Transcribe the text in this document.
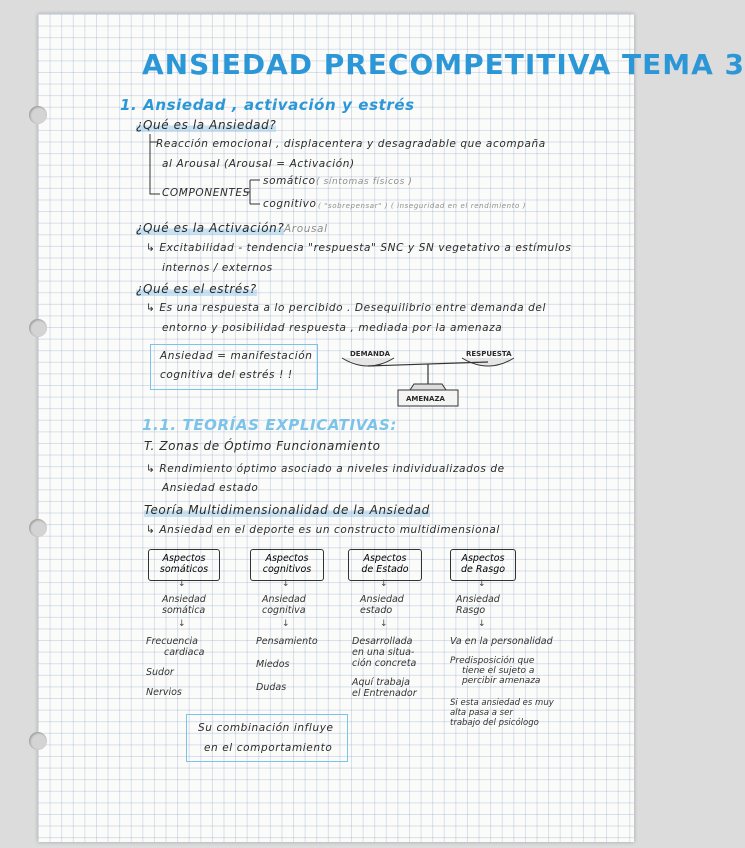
ANSIEDAD PRECOMPETITIVA TEMA 3
1. Ansiedad , activación y estrés
¿Qué es la Ansiedad?
Reacción emocional , displacentera y desagradable que acompaña
al Arousal (Arousal = Activación)
COMPONENTES
somático ( síntomas físicos )
cognitivo ( "sobrepensar" ) ( inseguridad en el rendimiento )
¿Qué es la Activación? Arousal
↳ Excitabilidad - tendencia "respuesta" SNC y SN vegetativo a estímulos
internos / externos
¿Qué es el estrés?
↳ Es una respuesta a lo percibido . Desequilibrio entre demanda del
entorno y posibilidad respuesta , mediada por la amenaza
Ansiedad = manifestación
cognitiva del estrés ! !
DEMANDA	RESPUESTA
AMENAZA
1.1. TEORÍAS EXPLICATIVAS:
T. Zonas de Óptimo Funcionamiento
↳ Rendimiento óptimo asociado a niveles individualizados de
Ansiedad estado
Teoría Multidimensionalidad de la Ansiedad
↳ Ansiedad en el deporte es un constructo multidimensional
Aspectos
somáticos
↓
Ansiedad
somática
↓
Frecuencia
cardiaca
Sudor
Nervios
Aspectos
cognitivos
↓
Ansiedad
cognitiva
↓
Pensamiento
Miedos
Dudas
Aspectos
de Estado
↓
Ansiedad
estado
↓
Desarrollada
en una situa-
ción concreta
Aquí trabaja
el Entrenador
Aspectos
de Rasgo
↓
Ansiedad
Rasgo
↓
Va en la personalidad
Predisposición que
tiene el sujeto a
percibir amenaza
Si esta ansiedad es muy
alta pasa a ser
trabajo del psicólogo
Su combinación influye
en el comportamiento
